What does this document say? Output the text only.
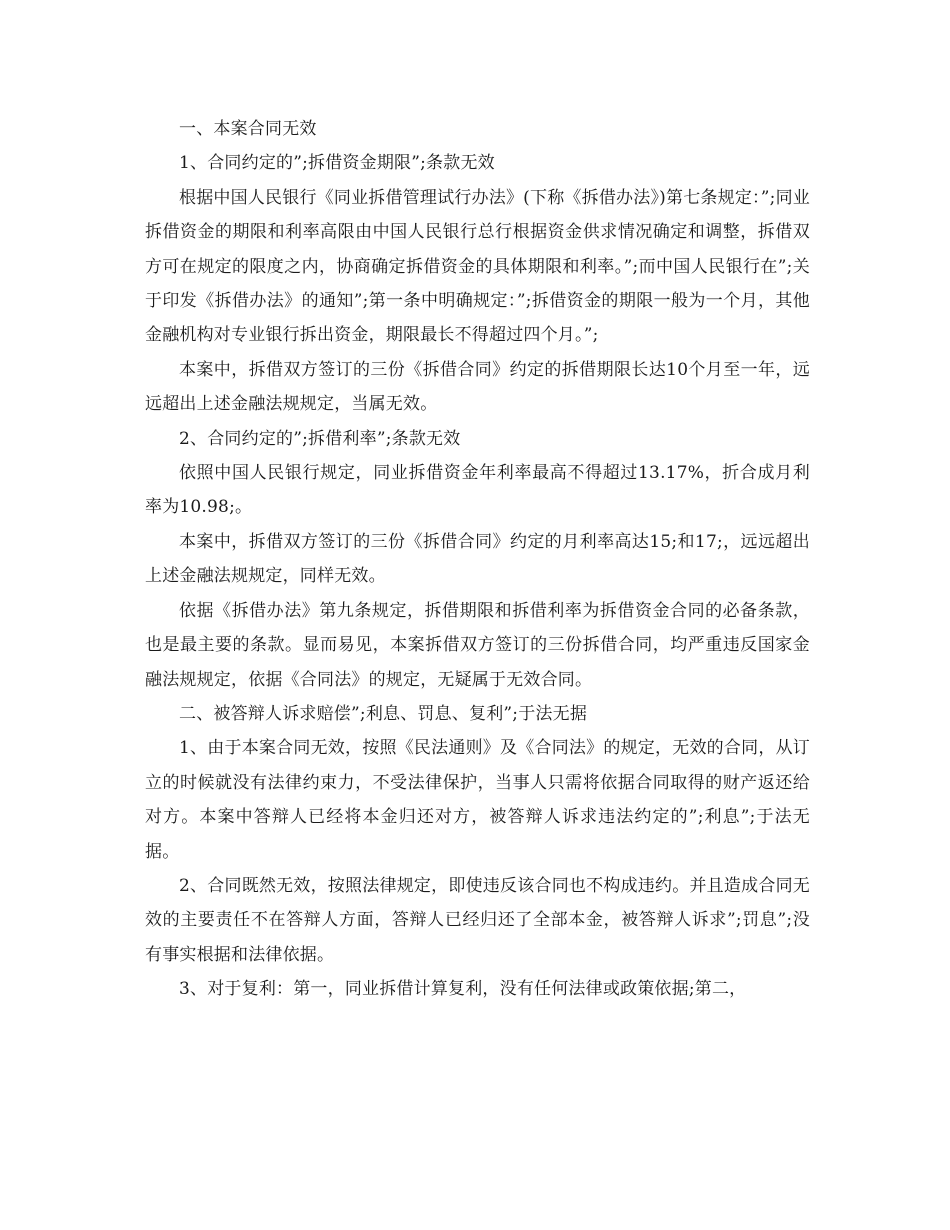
一、本案合同无效

1、合同约定的”;拆借资金期限”;条款无效

根据中国人民银行《同业拆借管理试行办法》(下称《拆借办法》)第七条规定：”;同业拆借资金的期限和利率高限由中国人民银行总行根据资金供求情况确定和调整，拆借双方可在规定的限度之内，协商确定拆借资金的具体期限和利率。”;而中国人民银行在”;关于印发《拆借办法》的通知”;第一条中明确规定：”;拆借资金的期限一般为一个月，其他金融机构对专业银行拆出资金，期限最长不得超过四个月。”;

本案中，拆借双方签订的三份《拆借合同》约定的拆借期限长达10个月至一年，远远超出上述金融法规规定，当属无效。

2、合同约定的”;拆借利率”;条款无效

依照中国人民银行规定，同业拆借资金年利率最高不得超过13.17%，折合成月利率为10.98;。

本案中，拆借双方签订的三份《拆借合同》约定的月利率高达15;和17;，远远超出上述金融法规规定，同样无效。

依据《拆借办法》第九条规定，拆借期限和拆借利率为拆借资金合同的必备条款，也是最主要的条款。显而易见，本案拆借双方签订的三份拆借合同，均严重违反国家金融法规规定，依据《合同法》的规定，无疑属于无效合同。

二、被答辩人诉求赔偿”;利息、罚息、复利”;于法无据

1、由于本案合同无效，按照《民法通则》及《合同法》的规定，无效的合同，从订立的时候就没有法律约束力，不受法律保护，当事人只需将依据合同取得的财产返还给对方。本案中答辩人已经将本金归还对方，被答辩人诉求违法约定的”;利息”;于法无据。

2、合同既然无效，按照法律规定，即使违反该合同也不构成违约。并且造成合同无效的主要责任不在答辩人方面，答辩人已经归还了全部本金，被答辩人诉求”;罚息”;没有事实根据和法律依据。

3、对于复利：第一，同业拆借计算复利，没有任何法律或政策依据;第二，
